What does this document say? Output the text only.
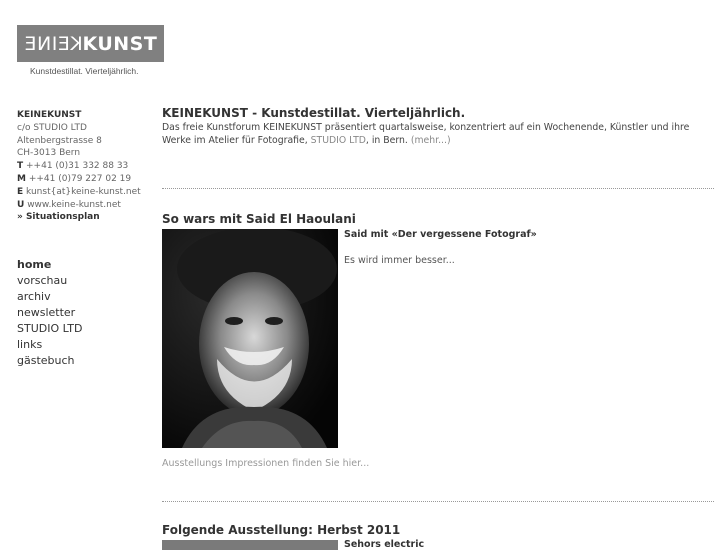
KEINE KUNST
Kunstdestillat. Vierteljährlich.
KEINEKUNST
c/o STUDIO LTD
Altenbergstrasse 8
CH-3013 Bern
T ++41 (0)31 332 88 33
M ++41 (0)79 227 02 19
E kunst{at}keine-kunst.net
U www.keine-kunst.net
» Situationsplan
home
vorschau
archiv
newsletter
STUDIO LTD
links
gästebuch
KEINEKUNST - Kunstdestillat. Vierteljährlich.

Das freie Kunstforum KEINEKUNST präsentiert quartalsweise, konzentriert auf ein Wochenende, Künstler und ihre
Werke im Atelier für Fotografie, STUDIO LTD, in Bern. (mehr...)

So wars mit Said El Haoulani
Said mit «Der vergessene Fotograf»
Es wird immer besser...
Ausstellungs Impressionen finden Sie hier...
Folgende Ausstellung: Herbst 2011
Sehors electric
